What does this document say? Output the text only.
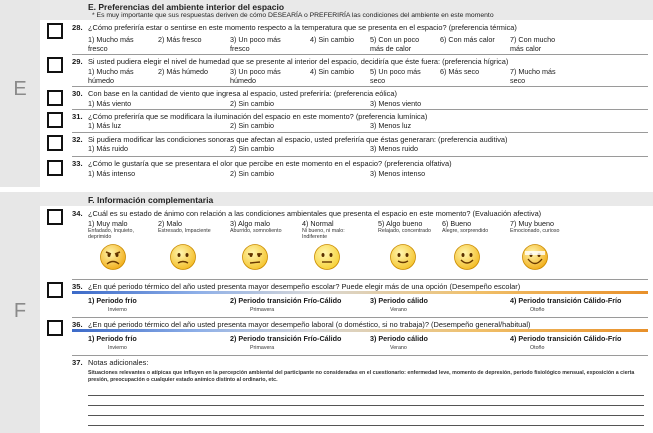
E
E. Preferencias del ambiente interior del espacio
* Es muy importante que sus respuestas deriven de cómo DESEARÍA o PREFERIRÍA las condiciones del ambiente en este momento
28. ¿Cómo preferiría estar o sentirse en este momento respecto a la temperatura que se presenta en el espacio? (preferencia térmica)
1) Mucho más
fresco
2) Más fresco	3) Un poco más
fresco
4) Sin cambio 5) Con un poco
más de calor
6) Con más calor 7) Con mucho
más calor
29. Si usted pudiera elegir el nivel de humedad que se presente al interior del espacio, decidiría que éste fuera: (preferencia hígrica)
1) Mucho más
húmedo
2) Más húmedo	3) Un poco más
húmedo
4) Sin cambio 5) Un poco más
seco
6) Más seco	7) Mucho más
seco
30. Con base en la cantidad de viento que ingresa al espacio, usted preferiría: (preferencia eólica)
1) Más viento	2) Sin cambio	3) Menos viento
31. ¿Cómo preferiría que se modificara la iluminación del espacio en este momento? (preferencia lumínica)
1) Más luz	2) Sin cambio	3) Menos luz
32. Si pudiera modificar las condiciones sonoras que afectan al espacio, usted preferiría que éstas generaran: (preferencia auditiva)
1) Más ruido	2) Sin cambio	3) Menos ruido
33. ¿Cómo le gustaría que se presentara el olor que percibe en este momento en el espacio? (preferencia olfativa)
1) Más intenso	2) Sin cambio	3) Menos intenso
F
F. Información complementaria
34. ¿Cuál es su estado de ánimo con relación a las condiciones ambientales que presenta el espacio en este momento? (Evaluación afectiva)
1) Muy malo
Enfadado, Inquieto,
deprimido
2) Malo
Estresado, Impaciente
3) Algo malo
Aburrido, somnoliento
4) Normal
Ni bueno, ni malo:
Indiferente
5) Algo bueno
Relajado, concentrado
6) Bueno
Alegre, sorprendido
7) Muy bueno
Emocionado, curioso
35. ¿En qué periodo térmico del año usted presenta mayor desempeño escolar? Puede elegir más de una opción (Desempeño escolar)
1) Periodo frío
Invierno
2) Periodo transición Frío-Cálido
Primavera
3) Periodo cálido
Verano
4) Periodo transición Cálido-Frío
Otoño
36. ¿En qué periodo térmico del año usted presenta mayor desempeño laboral (o doméstico, si no trabaja)? (Desempeño general/habitual)
1) Periodo frío
Invierno
2) Periodo transición Frío-Cálido
Primavera
3) Periodo cálido
Verano
4) Periodo transición Cálido-Frío
Otoño
37. Notas adicionales:
Situaciones relevantes o atípicas que influyen en la percepción ambiental del participante no consideradas en el cuestionario: enfermedad leve, momento de depresión, periodo fisiológico mensual, exposición a cierta
presión, preocupación o cualquier estado anímico distinto al ordinario, etc.
